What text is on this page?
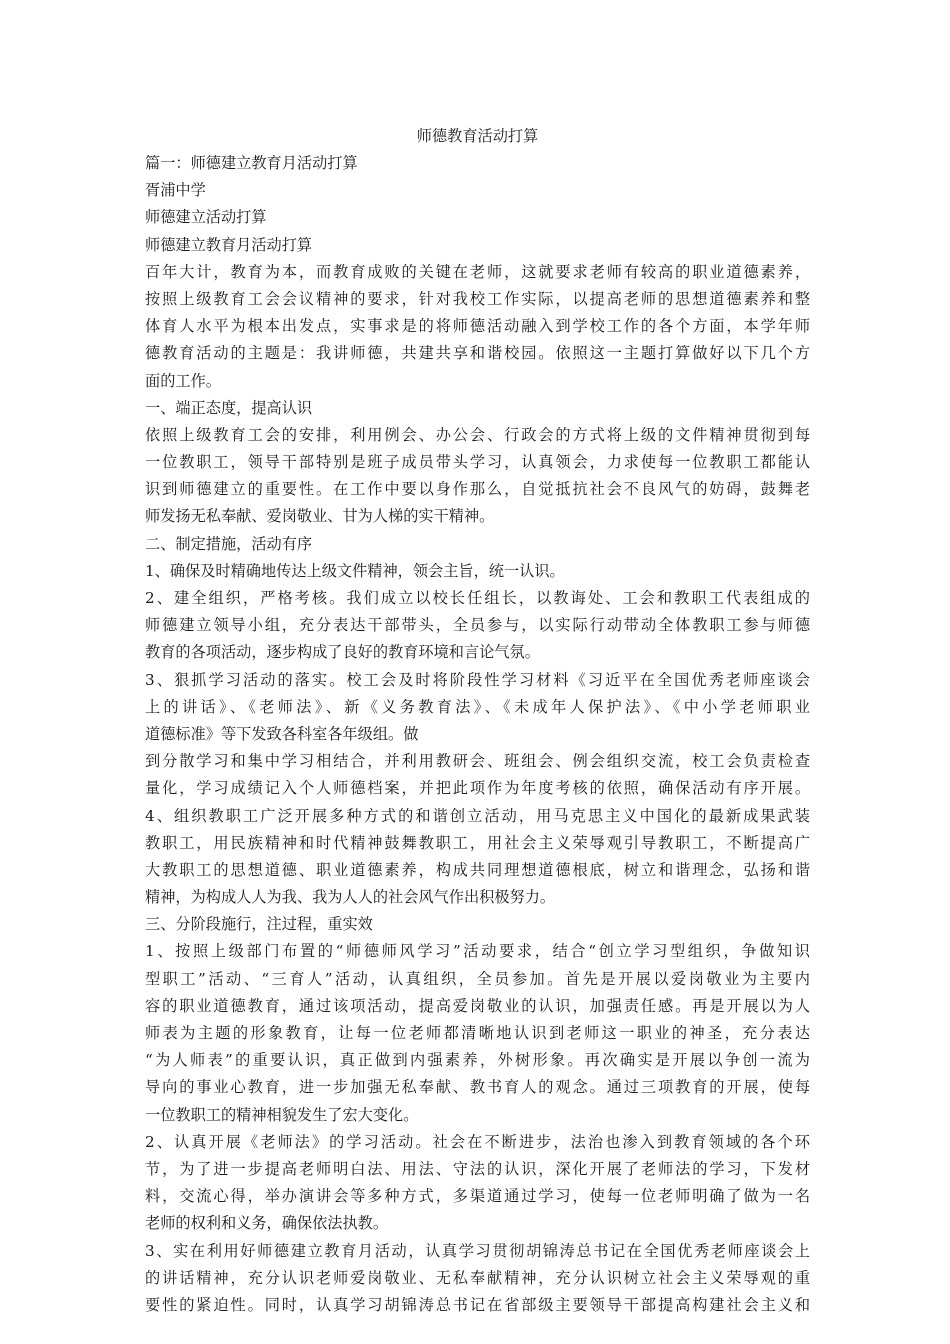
师德教育活动打算
篇一：师德建立教育月活动打算
胥浦中学
师德建立活动打算
师德建立教育月活动打算
百年大计，教育为本，而教育成败的关键在老师，这就要求老师有较高的职业道德素养，
按照上级教育工会会议精神的要求，针对我校工作实际，以提高老师的思想道德素养和整
体育人水平为根本出发点，实事求是的将师德活动融入到学校工作的各个方面，本学年师
德教育活动的主题是：我讲师德，共建共享和谐校园。依照这一主题打算做好以下几个方
面的工作。
一、端正态度，提高认识
依照上级教育工会的安排，利用例会、办公会、行政会的方式将上级的文件精神贯彻到每
一位教职工，领导干部特别是班子成员带头学习，认真领会，力求使每一位教职工都能认
识到师德建立的重要性。在工作中要以身作那么，自觉抵抗社会不良风气的妨碍，鼓舞老
师发扬无私奉献、爱岗敬业、甘为人梯的实干精神。
二、制定措施，活动有序
1、确保及时精确地传达上级文件精神，领会主旨，统一认识。
2、建全组织，严格考核。我们成立以校长任组长，以教诲处、工会和教职工代表组成的
师德建立领导小组，充分表达干部带头，全员参与，以实际行动带动全体教职工参与师德
教育的各项活动，逐步构成了良好的教育环境和言论气氛。
3、狠抓学习活动的落实。校工会及时将阶段性学习材料《习近平在全国优秀老师座谈会
上的讲话》、《老师法》、新《义务教育法》、《未成年人保护法》、《中小学老师职业
道德标准》等下发致各科室各年级组。做
到分散学习和集中学习相结合，并利用教研会、班组会、例会组织交流，校工会负责检查
量化，学习成绩记入个人师德档案，并把此项作为年度考核的依照，确保活动有序开展。
4、组织教职工广泛开展多种方式的和谐创立活动，用马克思主义中国化的最新成果武装
教职工，用民族精神和时代精神鼓舞教职工，用社会主义荣辱观引导教职工，不断提高广
大教职工的思想道德、职业道德素养，构成共同理想道德根底，树立和谐理念，弘扬和谐
精神，为构成人人为我、我为人人的社会风气作出积极努力。
三、分阶段施行，注过程，重实效
1、按照上级部门布置的“师德师风学习”活动要求，结合“创立学习型组织，争做知识
型职工”活动、“三育人”活动，认真组织，全员参加。首先是开展以爱岗敬业为主要内
容的职业道德教育，通过该项活动，提高爱岗敬业的认识，加强责任感。再是开展以为人
师表为主题的形象教育，让每一位老师都清晰地认识到老师这一职业的神圣，充分表达
“为人师表”的重要认识，真正做到内强素养，外树形象。再次确实是开展以争创一流为
导向的事业心教育，进一步加强无私奉献、教书育人的观念。通过三项教育的开展，使每
一位教职工的精神相貌发生了宏大变化。
2、认真开展《老师法》的学习活动。社会在不断进步，法治也渗入到教育领域的各个环
节，为了进一步提高老师明白法、用法、守法的认识，深化开展了老师法的学习，下发材
料，交流心得，举办演讲会等多种方式，多渠道通过学习，使每一位老师明确了做为一名
老师的权利和义务，确保依法执教。
3、实在利用好师德建立教育月活动，认真学习贯彻胡锦涛总书记在全国优秀老师座谈会上
的讲话精神，充分认识老师爱岗敬业、无私奉献精神，充分认识树立社会主义荣辱观的重
要性的紧迫性。同时，认真学习胡锦涛总书记在省部级主要领导干部提高构建社会主义和
